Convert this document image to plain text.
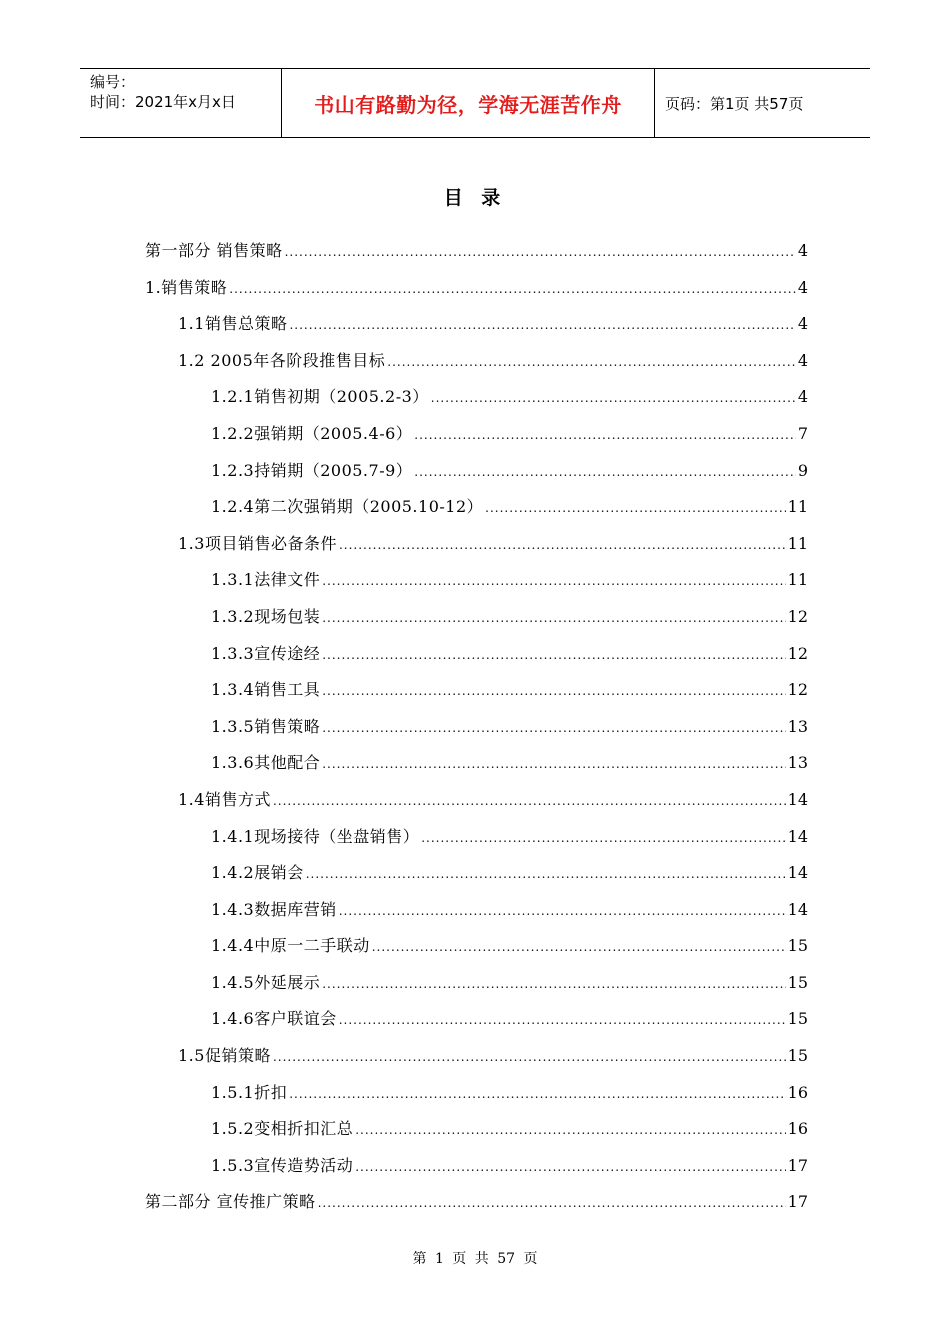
编号：
时间：2021年x月x日	书山有路勤为径，学海无涯苦作舟	页码：第1页 共57页
目 录
第一部分 销售策略 .....	4
1.销售策略 .....	4
1.1销售总策略 .....	4
1.2 2005年各阶段推售目标 .....	4
1.2.1销售初期（2005.2-3） .....	4
1.2.2强销期（2005.4-6） .....	7
1.2.3持销期（2005.7-9） .....	9
1.2.4第二次强销期（2005.10-12） .....	11
1.3项目销售必备条件 .....	11
1.3.1法律文件 .....	11
1.3.2现场包装 .....	12
1.3.3宣传途经 .....	12
1.3.4销售工具 .....	12
1.3.5销售策略 .....	13
1.3.6其他配合 .....	13
1.4销售方式 .....	14
1.4.1现场接待（坐盘销售） .....	14
1.4.2展销会 .....	14
1.4.3数据库营销 .....	14
1.4.4中原一二手联动 .....	15
1.4.5外延展示 .....	15
1.4.6客户联谊会 .....	15
1.5促销策略 .....	15
1.5.1折扣 .....	16
1.5.2变相折扣汇总 .....	16
1.5.3宣传造势活动 .....	17
第二部分 宣传推广策略 .....	17
第 1 页 共 57 页
